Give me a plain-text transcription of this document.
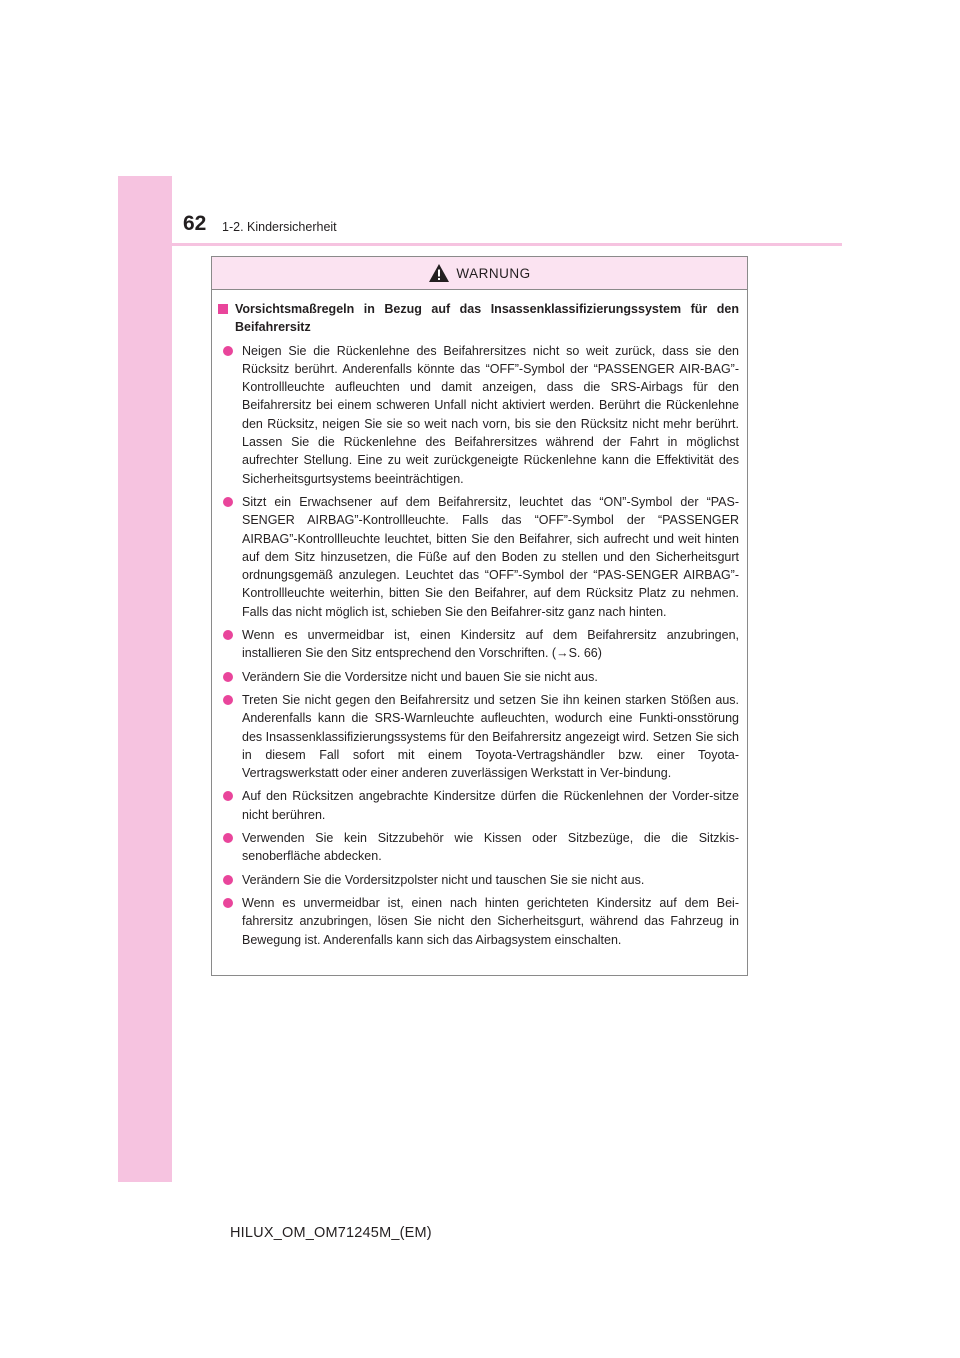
62 1-2. Kindersicherheit
WARNUNG
Vorsichtsmaßregeln in Bezug auf das Insassenklassifizierungssystem für den Beifahrersitz
Neigen Sie die Rückenlehne des Beifahrersitzes nicht so weit zurück, dass sie den Rücksitz berührt. Anderenfalls könnte das “OFF”-Symbol der “PASSENGER AIR-BAG”-Kontrollleuchte aufleuchten und damit anzeigen, dass die SRS-Airbags für den Beifahrersitz bei einem schweren Unfall nicht aktiviert werden. Berührt die Rückenlehne den Rücksitz, neigen Sie sie so weit nach vorn, bis sie den Rücksitz nicht mehr berührt. Lassen Sie die Rückenlehne des Beifahrersitzes während der Fahrt in möglichst aufrechter Stellung. Eine zu weit zurückgeneigte Rückenlehne kann die Effektivität des Sicherheitsgurtsystems beeinträchtigen.
Sitzt ein Erwachsener auf dem Beifahrersitz, leuchtet das “ON”-Symbol der “PAS-SENGER AIRBAG”-Kontrollleuchte. Falls das “OFF”-Symbol der “PASSENGER AIRBAG”-Kontrollleuchte leuchtet, bitten Sie den Beifahrer, sich aufrecht und weit hinten auf dem Sitz hinzusetzen, die Füße auf den Boden zu stellen und den Sicherheitsgurt ordnungsgemäß anzulegen. Leuchtet das “OFF”-Symbol der “PAS-SENGER AIRBAG”-Kontrollleuchte weiterhin, bitten Sie den Beifahrer, auf dem Rücksitz Platz zu nehmen. Falls das nicht möglich ist, schieben Sie den Beifahrer-sitz ganz nach hinten.
Wenn es unvermeidbar ist, einen Kindersitz auf dem Beifahrersitz anzubringen, installieren Sie den Sitz entsprechend den Vorschriften. (→S. 66)
Verändern Sie die Vordersitze nicht und bauen Sie sie nicht aus.
Treten Sie nicht gegen den Beifahrersitz und setzen Sie ihn keinen starken Stößen aus. Anderenfalls kann die SRS-Warnleuchte aufleuchten, wodurch eine Funkti-onsstörung des Insassenklassifizierungssystems für den Beifahrersitz angezeigt wird. Setzen Sie sich in diesem Fall sofort mit einem Toyota-Vertragshändler bzw. einer Toyota-Vertragswerkstatt oder einer anderen zuverlässigen Werkstatt in Ver-bindung.
Auf den Rücksitzen angebrachte Kindersitze dürfen die Rückenlehnen der Vorder-sitze nicht berühren.
Verwenden Sie kein Sitzzubehör wie Kissen oder Sitzbezüge, die die Sitzkis-senoberfläche abdecken.
Verändern Sie die Vordersitzpolster nicht und tauschen Sie sie nicht aus.
Wenn es unvermeidbar ist, einen nach hinten gerichteten Kindersitz auf dem Bei-fahrersitz anzubringen, lösen Sie nicht den Sicherheitsgurt, während das Fahrzeug in Bewegung ist. Anderenfalls kann sich das Airbagsystem einschalten.
HILUX_OM_OM71245M_(EM)
